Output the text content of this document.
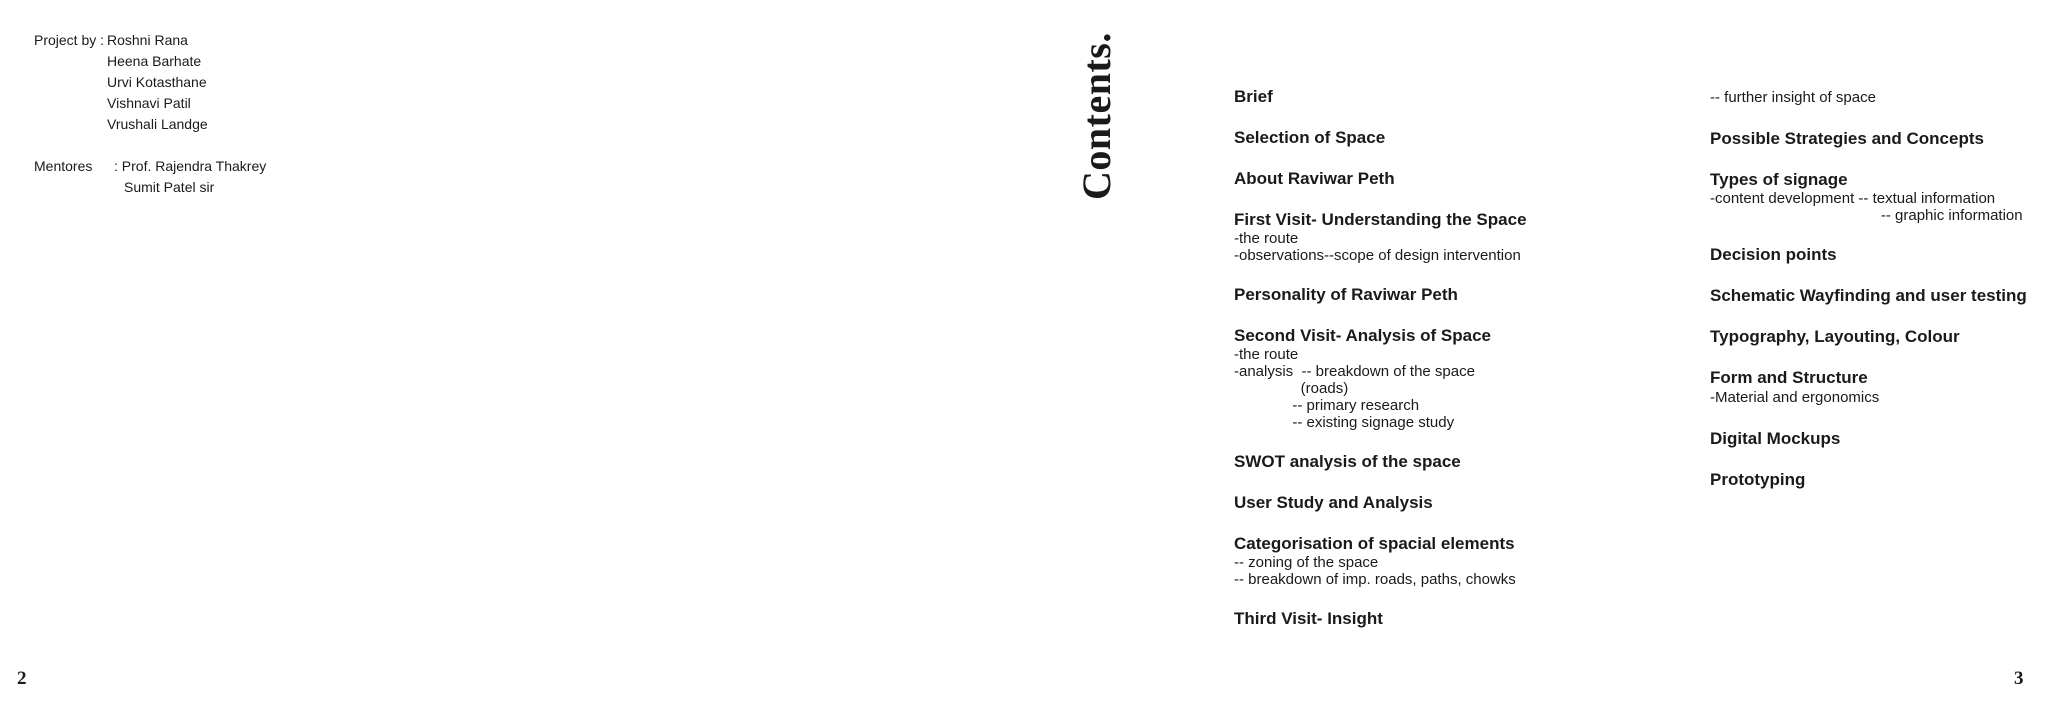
Project by : Roshni Rana
Heena Barhate
Urvi Kotasthane
Vishnavi Patil
Vrushali Landge
Mentores	: Prof. Rajendra Thakrey
Sumit Patel sir
2	3
Contents.	Brief
Selection of Space
About Raviwar Peth
First Visit- Understanding the Space
-the route
-observations--scope of design intervention
Personality of Raviwar Peth
Second Visit- Analysis of Space
-the route
-analysis  -- breakdown of the space
(roads)
-- primary research
-- existing signage study
SWOT analysis of the space
User Study and Analysis
Categorisation of spacial elements
-- zoning of the space
-- breakdown of imp. roads, paths, chowks
Third Visit- Insight
-- further insight of space
Possible Strategies and Concepts
Types of signage
-content development -- textual information
-- graphic information
Decision points
Schematic Wayfinding and user testing
Typography, Layouting, Colour
Form and Structure
-Material and ergonomics
Digital Mockups
Prototyping
